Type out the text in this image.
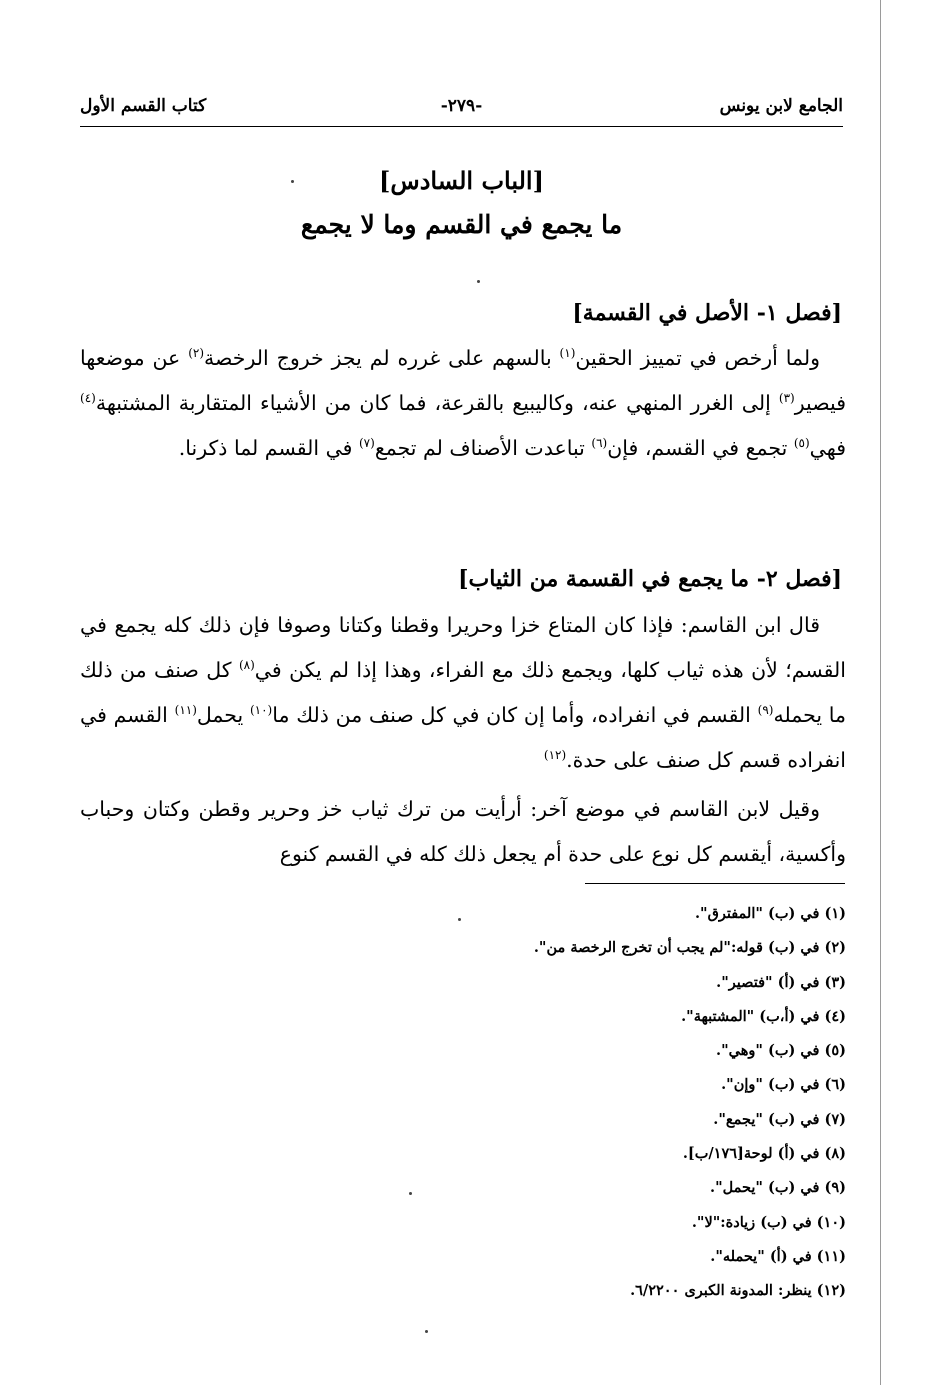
الجامع لابن يونس
-٢٧٩-
كتاب القسم الأول
[الباب السادس]
ما يجمع في القسم وما لا يجمع
[فصل ١- الأصل في القسمة]
ولما أرخص في تمييز الحقين$^{(١)}$ بالسهم على غرره لم يجز خروج الرخصة$^{(٢)}$ عن موضعها فيصير$^{(٣)}$ إلى الغرر المنهي عنه، وكاليبيع بالقرعة، فما كان من الأشياء المتقاربة المشتبهة$^{(٤)}$ فهي$^{(٥)}$ تجمع في القسم، فإن$^{(٦)}$ تباعدت الأصناف لم تجمع$^{(٧)}$ في القسم لما ذكرنا.
[فصل ٢- ما يجمع في القسمة من الثياب]
قال ابن القاسم: فإذا كان المتاع خزا وحريرا وقطنا وكتانا وصوفا فإن ذلك كله يجمع في القسم؛ لأن هذه ثياب كلها، ويجمع ذلك مع الفراء، وهذا إذا لم يكن في$^{(٨)}$ كل صنف من ذلك ما يحمله$^{(٩)}$ القسم في انفراده، وأما إن كان في كل صنف من ذلك ما$^{(١٠)}$ يحمل$^{(١١)}$ القسم في انفراده قسم كل صنف على حدة.$^{(١٢)}$
وقيل لابن القاسم في موضع آخر: أرأيت من ترك ثياب خز وحرير وقطن وكتان وحباب وأكسية، أيقسم كل نوع على حدة أم يجعل ذلك كله في القسم كنوع
(١) في (ب) "المفترق".
(٢) في (ب) قوله:"لم يجب أن تخرج الرخصة من".
(٣) في (أ) "فتصير".
(٤) في (أ،ب) "المشتبهة".
(٥) في (ب) "وهي".
(٦) في (ب) "وإن".
(٧) في (ب) "يجمع".
(٨) في (أ) لوحة[١٧٦/ب].
(٩) في (ب) "يحمل".
(١٠) في (ب) زيادة:"لا".
(١١) في (أ) "يحمله".
(١٢) ينظر: المدونة الكبرى ٦/٢٢٠٠.
